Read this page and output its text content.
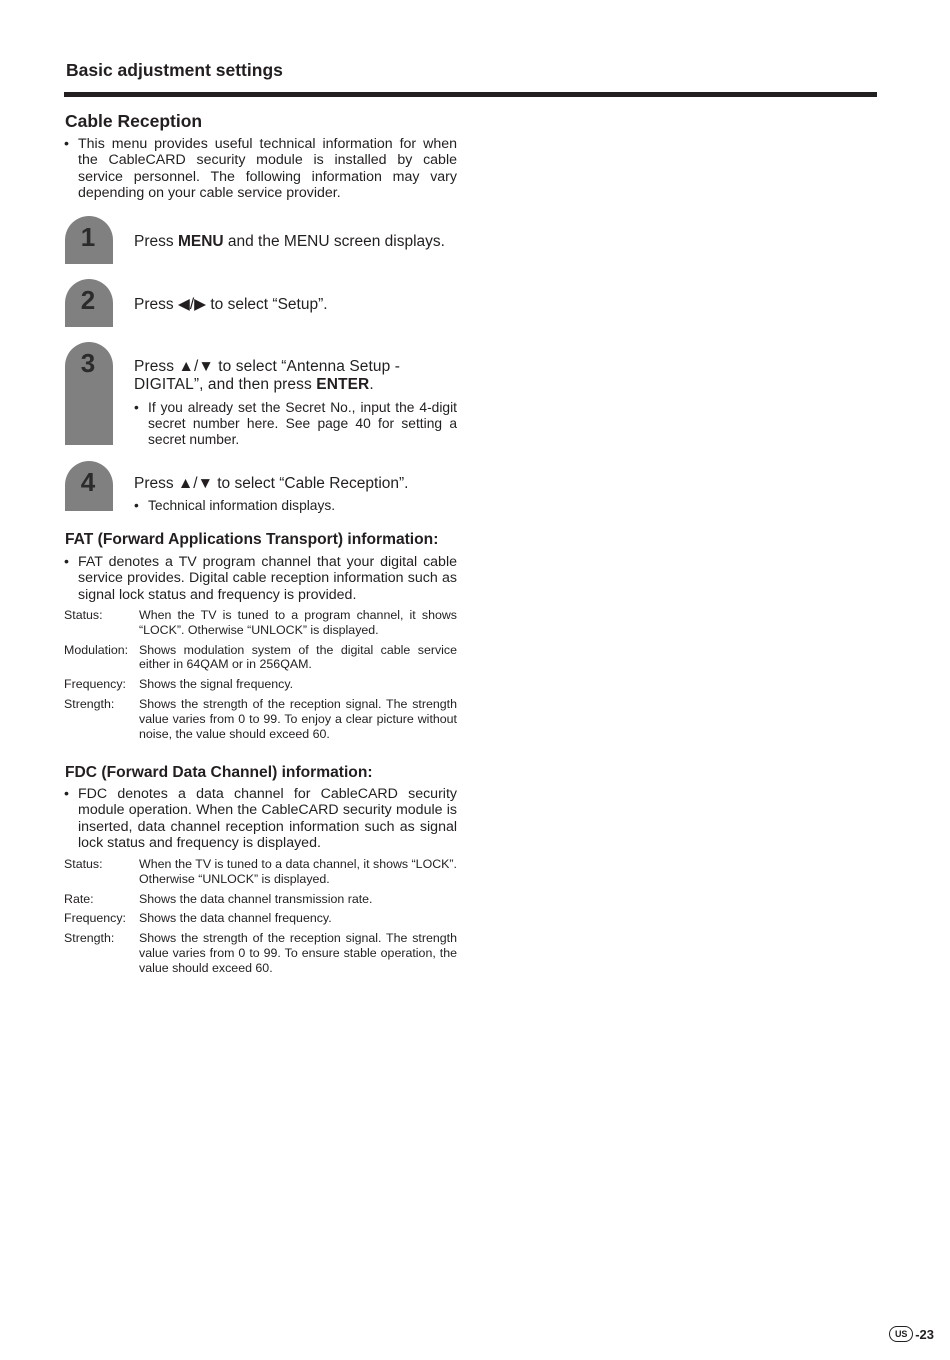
Basic adjustment settings
Cable Reception
• This menu provides useful technical information for when the CableCARD security module is installed by cable service personnel. The following information may vary depending on your cable service provider.
1	Press MENU and the MENU screen displays.
2	Press ◀/▶ to select “Setup”.
3	Press ▲/▼ to select “Antenna Setup - DIGITAL”, and then press ENTER.
• If you already set the Secret No., input the 4-digit secret number here. See page 40 for setting a secret number.
4	Press ▲/▼ to select “Cable Reception”.
• Technical information displays.
FAT (Forward Applications Transport) information:
• FAT denotes a TV program channel that your digital cable service provides. Digital cable reception information such as signal lock status and frequency is provided.
Status:	When the TV is tuned to a program channel, it shows “LOCK”. Otherwise “UNLOCK” is displayed.
Modulation: Shows modulation system of the digital cable service either in 64QAM or in 256QAM.
Frequency: Shows the signal frequency.
Strength: Shows the strength of the reception signal. The strength value varies from 0 to 99. To enjoy a clear picture without noise, the value should exceed 60.
FDC (Forward Data Channel) information:
• FDC denotes a data channel for CableCARD security module operation. When the CableCARD security module is inserted, data channel reception information such as signal lock status and frequency is displayed.
Status:	When the TV is tuned to a data channel, it shows “LOCK”. Otherwise “UNLOCK” is displayed.
Rate:	Shows the data channel transmission rate.
Frequency: Shows the data channel frequency.
Strength: Shows the strength of the reception signal. The strength value varies from 0 to 99. To ensure stable operation, the value should exceed 60.
US -23
